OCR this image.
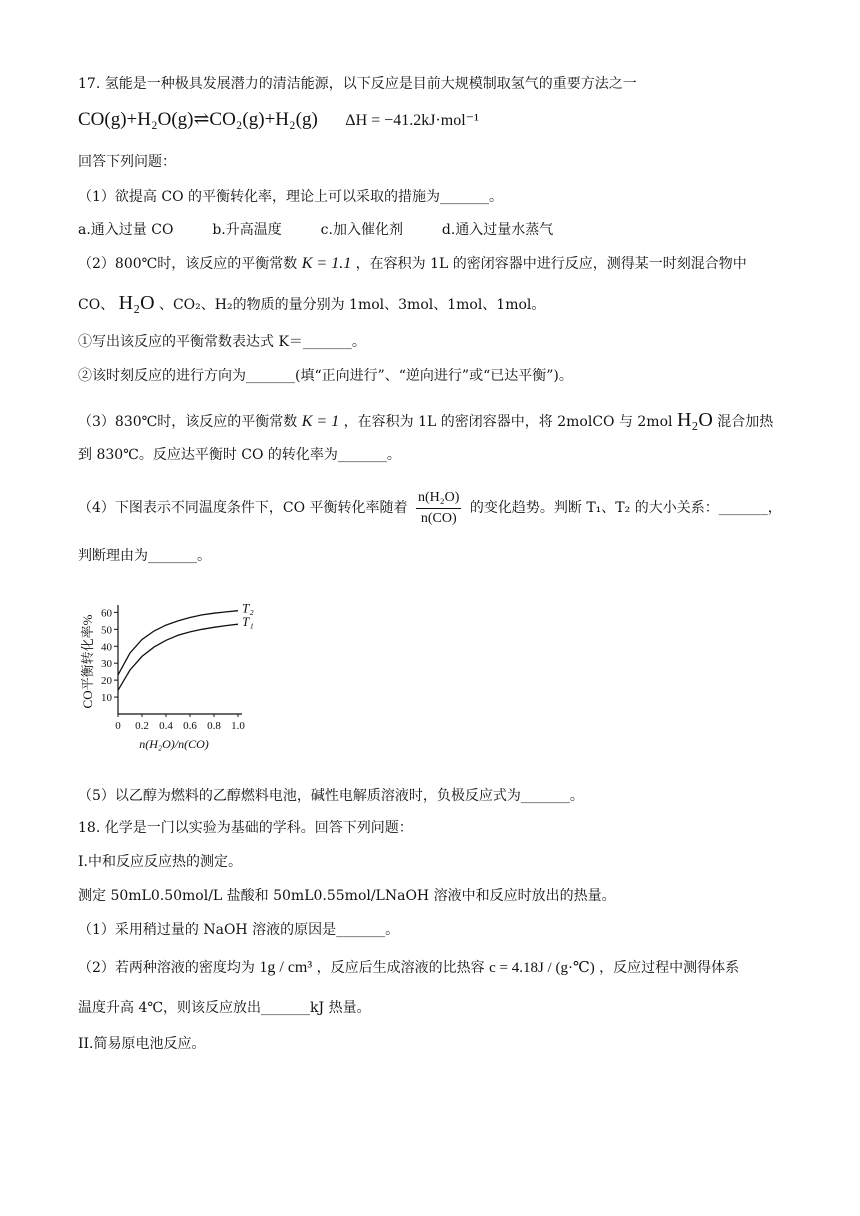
17. 氢能是一种极具发展潜力的清洁能源，以下反应是目前大规模制取氢气的重要方法之一
CO(g)+H₂O(g)⇌CO₂(g)+H₂(g) ΔH = −41.2kJ·mol⁻¹
回答下列问题：
（1）欲提高 CO 的平衡转化率，理论上可以采取的措施为_______。
a.通入过量 CO	b.升高温度	c.加入催化剂	d.通入过量水蒸气
（2）800℃时，该反应的平衡常数 K = 1.1 ，在容积为 1L 的密闭容器中进行反应，测得某一时刻混合物中
CO、 H₂O 、CO₂、H₂的物质的量分别为 1mol、3mol、1mol、1mol。
①写出该反应的平衡常数表达式 K＝_______。
②该时刻反应的进行方向为_______(填“正向进行”、“逆向进行”或“已达平衡”)。
（3）830℃时，该反应的平衡常数 K = 1 ，在容积为 1L 的密闭容器中，将 2molCO 与 2mol H₂O 混合加热
到 830℃。反应达平衡时 CO 的转化率为_______。
（4）下图表示不同温度条件下，CO 平衡转化率随着 $\frac{\text{n(H₂O)}}{n(CO)}$ 的变化趋势。判断 T₁、T₂ 的大小关系：_______，
判断理由为_______。
10
20
30
40
50
60
0 0.2 0.4 0.6 0.8 1.0
T₂
T₁
n(H₂O)/n(CO)
CO平衡转化率%
（5）以乙醇为燃料的乙醇燃料电池，碱性电解质溶液时，负极反应式为_______。
18. 化学是一门以实验为基础的学科。回答下列问题：
I.中和反应反应热的测定。
测定 50mL0.50mol/L 盐酸和 50mL0.55mol/LNaOH 溶液中和反应时放出的热量。
（1）采用稍过量的 NaOH 溶液的原因是_______。
（2）若两种溶液的密度均为 1g / cm³ ，反应后生成溶液的比热容 c = 4.18J / (g·℃) ，反应过程中测得体系
温度升高 4℃，则该反应放出_______kJ 热量。
II.简易原电池反应。
